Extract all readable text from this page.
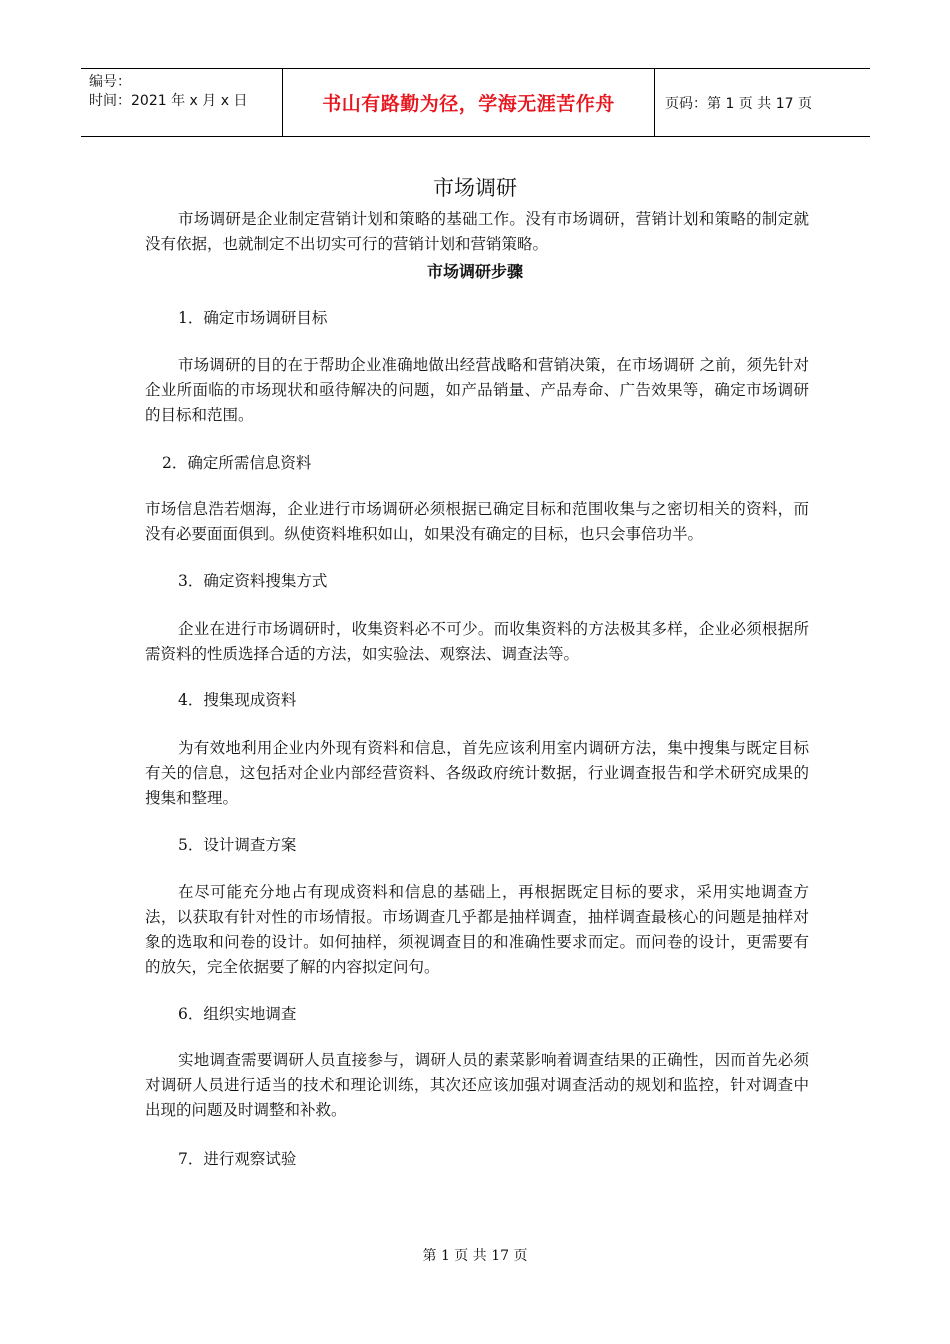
编号：
时间：2021 年 x 月 x 日	书山有路勤为径，学海无涯苦作舟	页码：第 1 页 共 17 页
市场调研

市场调研是企业制定营销计划和策略的基础工作。没有市场调研，营销计划和策略的制定就没有依据，也就制定不出切实可行的营销计划和营销策略。

市场调研步骤
1．确定市场调研目标

市场调研的目的在于帮助企业准确地做出经营战略和营销决策，在市场调研 之前，须先针对企业所面临的市场现状和亟待解决的问题，如产品销量、产品寿命、广告效果等，确定市场调研的目标和范围。

2．确定所需信息资料

市场信息浩若烟海，企业进行市场调研必须根据已确定目标和范围收集与之密切相关的资料，而没有必要面面俱到。纵使资料堆积如山，如果没有确定的目标，也只会事倍功半。

3．确定资料搜集方式

企业在进行市场调研时，收集资料必不可少。而收集资料的方法极其多样，企业必须根据所需资料的性质选择合适的方法，如实验法、观察法、调查法等。

4．搜集现成资料

为有效地利用企业内外现有资料和信息，首先应该利用室内调研方法，集中搜集与既定目标有关的信息，这包括对企业内部经营资料、各级政府统计数据，行业调查报告和学术研究成果的搜集和整理。

5．设计调查方案

在尽可能充分地占有现成资料和信息的基础上，再根据既定目标的要求，采用实地调查方法，以获取有针对性的市场情报。市场调查几乎都是抽样调查，抽样调查最核心的问题是抽样对象的选取和问卷的设计。如何抽样，须视调查目的和准确性要求而定。而问卷的设计，更需要有的放矢，完全依据要了解的内容拟定问句。

6．组织实地调查

实地调查需要调研人员直接参与，调研人员的素菜影响着调查结果的正确性，因而首先必须对调研人员进行适当的技术和理论训练，其次还应该加强对调查活动的规划和监控，针对调查中出现的问题及时调整和补救。

7．进行观察试验
第 1 页 共 17 页
